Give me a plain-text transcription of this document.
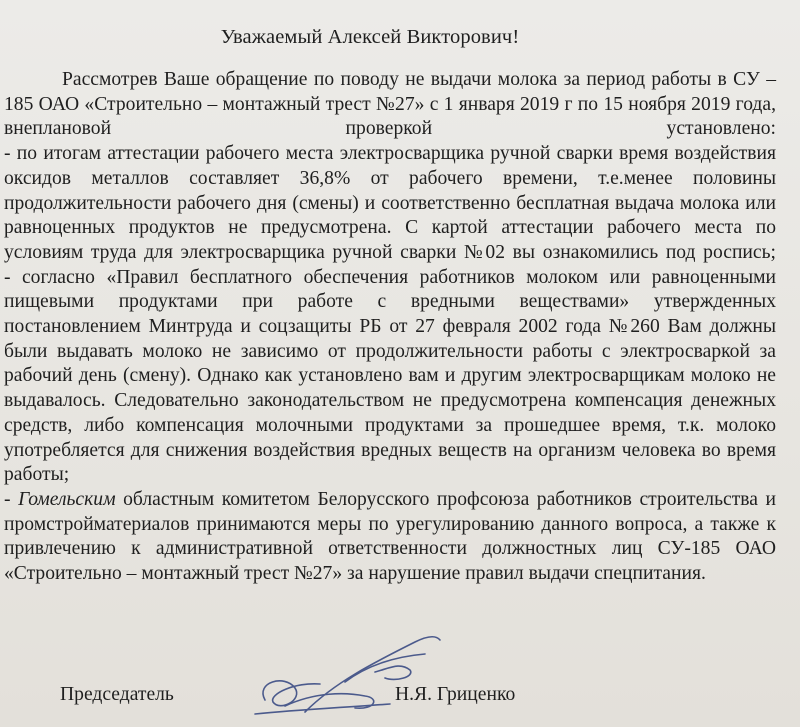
Уважаемый Алексей Викторович!

Рассмотрев Ваше обращение по поводу не выдачи молока за период работы в СУ – 185 ОАО «Строительно – монтажный трест №27» с 1 января 2019 г по 15 ноября 2019 года, внеплановой проверкой установлено:

- по итогам аттестации рабочего места электросварщика ручной сварки время воздействия оксидов металлов составляет 36,8% от рабочего времени, т.е.менее половины продолжительности рабочего дня (смены) и соответственно бесплатная выдача молока или равноценных продуктов не предусмотрена. С картой аттестации рабочего места по условиям труда для электросварщика ручной сварки №02 вы ознакомились под роспись;

- согласно «Правил бесплатного обеспечения работников молоком или равноценными пищевыми продуктами при работе с вредными веществами» утвержденных постановлением Минтруда и соцзащиты РБ от 27 февраля 2002 года №260 Вам должны были выдавать молоко не зависимо от продолжительности работы с электросваркой за рабочий день (смену). Однако как установлено вам и другим электросварщикам молоко не выдавалось. Следовательно законодательством не предусмотрена компенсация денежных средств, либо компенсация молочными продуктами за прошедшее время, т.к. молоко употребляется для снижения воздействия вредных веществ на организм человека во время работы;

- Гомельским областным комитетом Белорусского профсоюза работников строительства и промстройматериалов принимаются меры по урегулированию данного вопроса, а также к привлечению к административной ответственности должностных лиц СУ-185 ОАО «Строительно – монтажный трест №27» за нарушение правил выдачи спецпитания.

Председатель	Н.Я. Гриценко
